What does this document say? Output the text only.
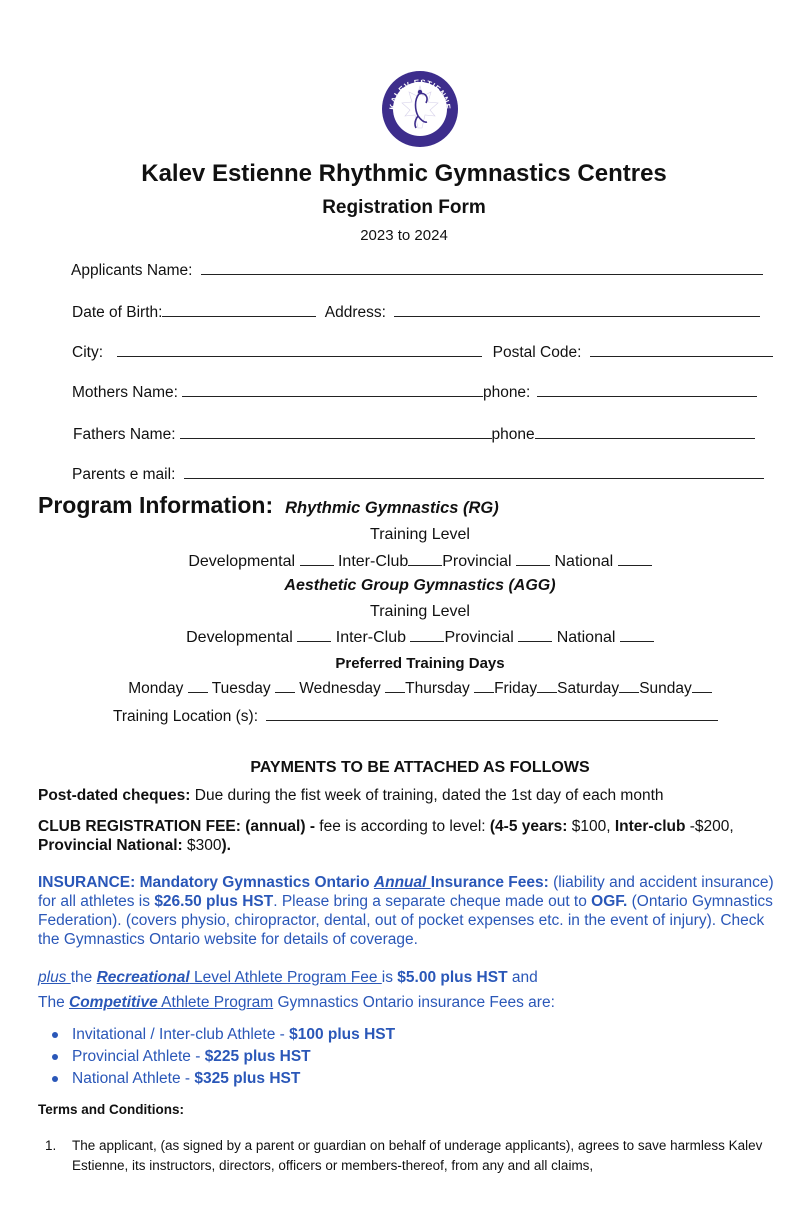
KALEV ESTIENNE
Kalev Estienne Rhythmic Gymnastics Centres
Registration Form
2023 to 2024
Applicants Name:
Date of Birth:	Address:
City:	Postal Code:
Mothers Name:	phone:
Fathers Name:	phone
Parents e mail:
Program Information: Rhythmic Gymnastics (RG)
Training Level
Developmental	Inter-Club Provincial	National
Aesthetic Group Gymnastics (AGG)
Training Level
Developmental	Inter-Club Provincial	National
Preferred Training Days
Monday Tuesday Wednesday Thursday Friday Saturday Sunday
Training Location (s):
PAYMENTS TO BE ATTACHED AS FOLLOWS
Post-dated cheques: Due during the fist week of training, dated the 1st day of each month
CLUB REGISTRATION FEE: (annual) - fee is according to level: (4-5 years: $100, Inter-club -$200, Provincial National: $300).
INSURANCE: Mandatory Gymnastics Ontario Annual Insurance Fees: (liability and accident insurance) for all athletes is $26.50 plus HST. Please bring a separate cheque made out to OGF. (Ontario Gymnastics Federation). (covers physio, chiropractor, dental, out of pocket expenses etc. in the event of injury). Check the Gymnastics Ontario website for details of coverage.
plus the Recreational Level Athlete Program Fee is $5.00 plus HST and
The Competitive Athlete Program Gymnastics Ontario insurance Fees are:
Invitational / Inter-club Athlete - $100 plus HST
Provincial Athlete - $225 plus HST
National Athlete - $325 plus HST
Terms and Conditions:
1. The applicant, (as signed by a parent or guardian on behalf of underage applicants), agrees to save harmless Kalev Estienne, its instructors, directors, officers or members-thereof, from any and all claims,
